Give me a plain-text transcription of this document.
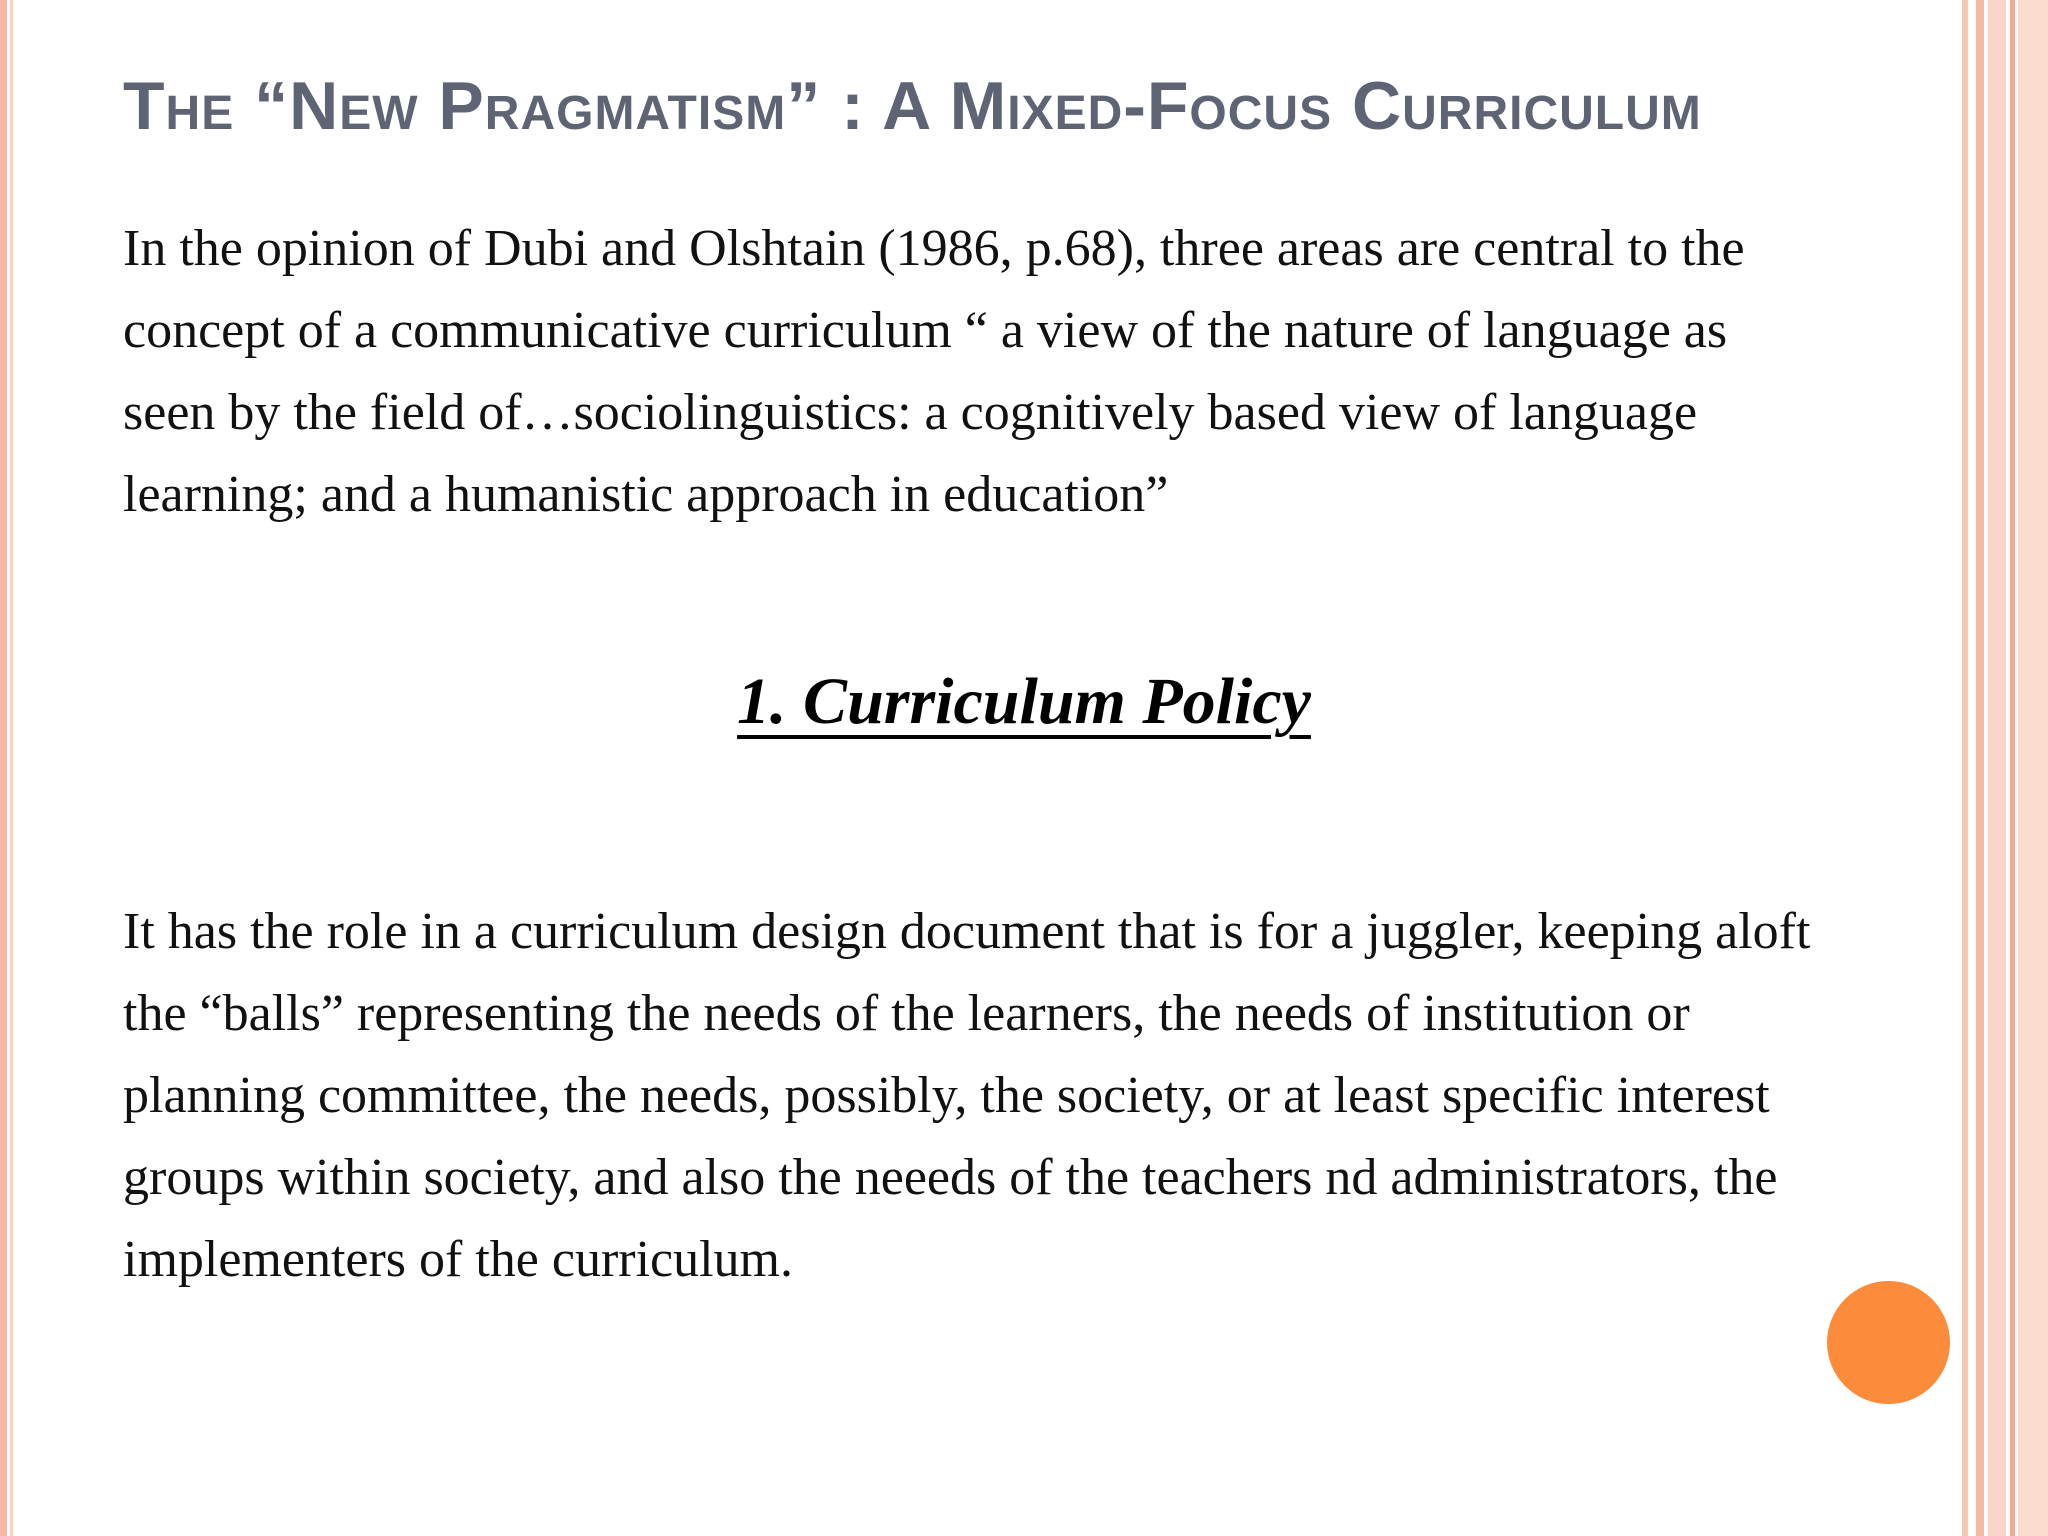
The “New Pragmatism” : A Mixed-Focus Curriculum

In the opinion of Dubi and Olshtain (1986, p.68), three areas are central to the
concept of a communicative curriculum “ a view of the nature of language as
seen by the field of…sociolinguistics: a cognitively based view of language
learning; and a humanistic approach in education”

1. Curriculum Policy

It has the role in a curriculum design document that is for a juggler, keeping aloft
the “balls” representing the needs of the learners, the needs of institution or
planning committee, the needs, possibly, the society, or at least specific interest
groups within society, and also the neeeds of the teachers nd administrators, the
implementers of the curriculum.
